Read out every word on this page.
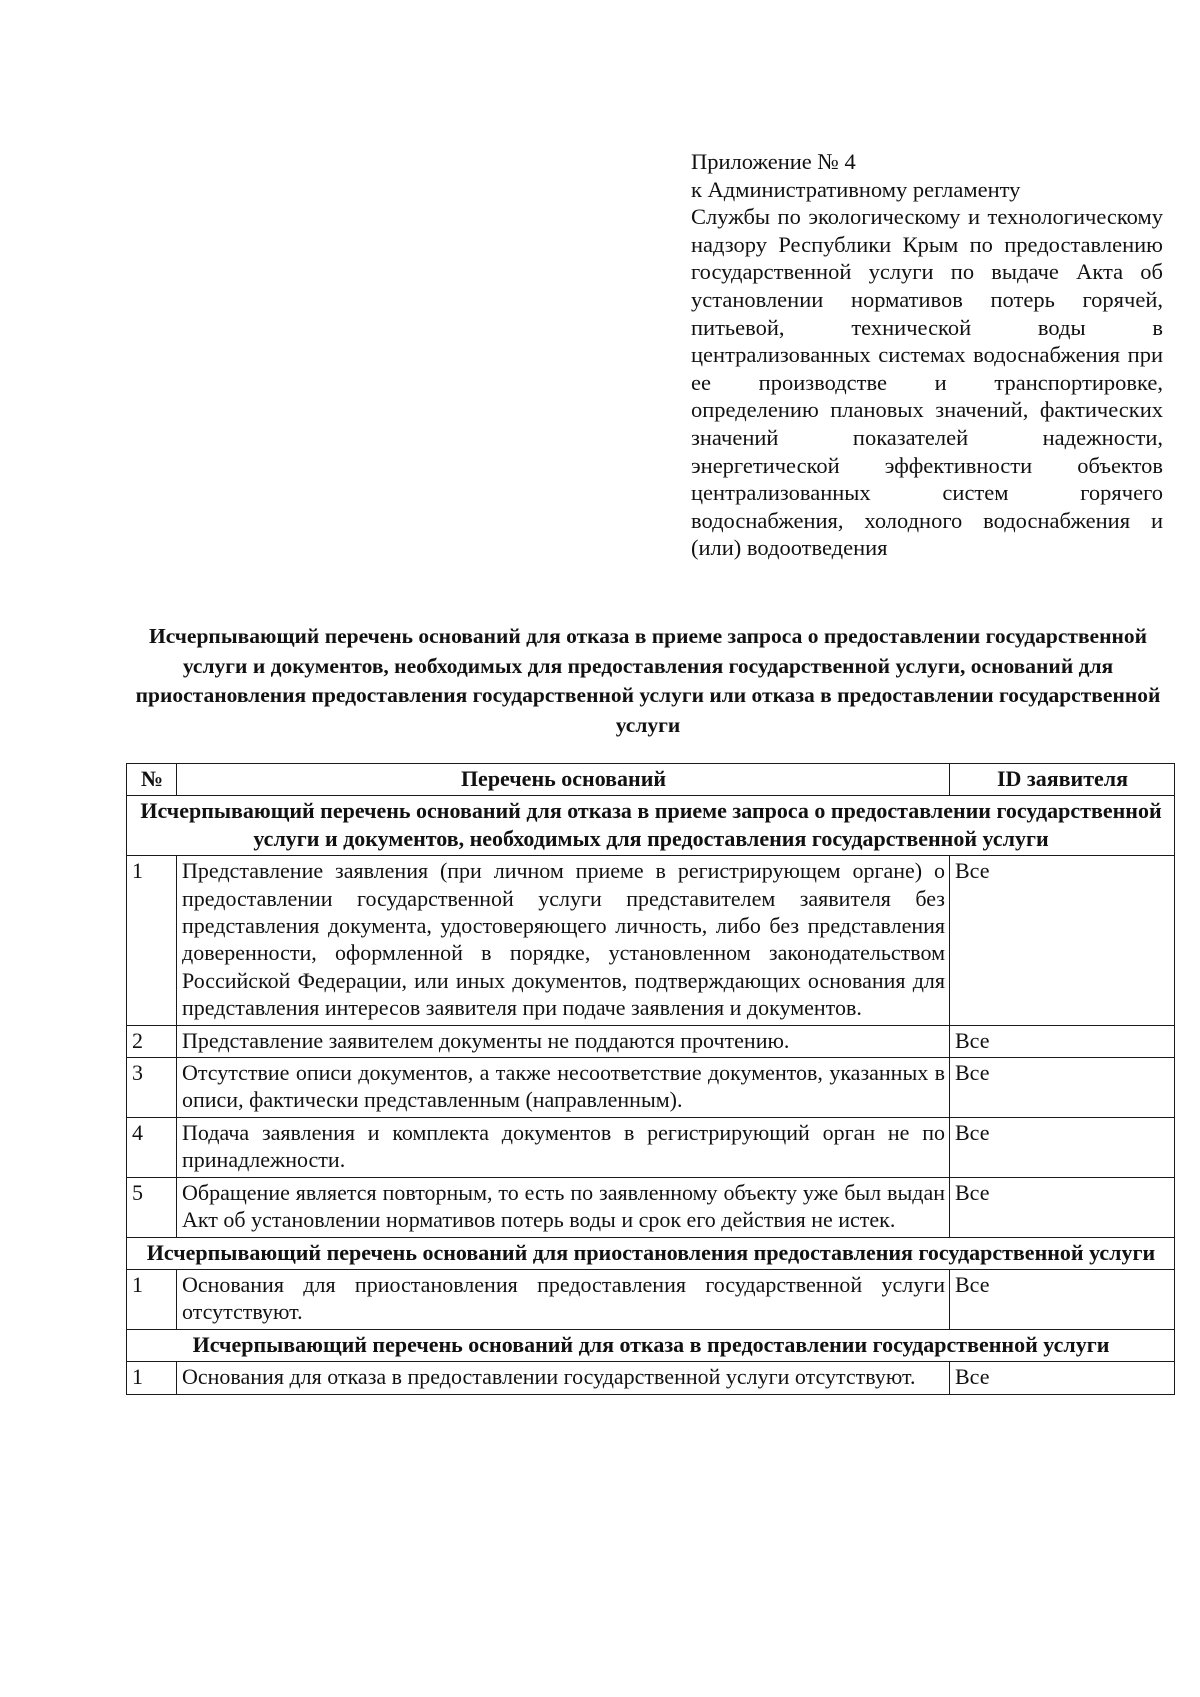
Приложение № 4
к Административному регламенту
Службы по экологическому и технологическому надзору Республики Крым по предоставлению государственной услуги по выдаче Акта об установлении нормативов потерь горячей, питьевой, технической воды в централизованных системах водоснабжения при ее производстве и транспортировке, определению плановых значений, фактических значений показателей надежности, энергетической эффективности объектов централизованных систем горячего водоснабжения, холодного водоснабжения и (или) водоотведения
Исчерпывающий перечень оснований для отказа в приеме запроса о предоставлении государственной услуги и документов, необходимых для предоставления государственной услуги, оснований для приостановления предоставления государственной услуги или отказа в предоставлении государственной услуги
№	Перечень оснований	ID заявителя
Исчерпывающий перечень оснований для отказа в приеме запроса о предоставлении государственной услуги и документов, необходимых для предоставления государственной услуги		
1	Представление заявления (при личном приеме в регистрирующем органе) о предоставлении государственной услуги представителем заявителя без представления документа, удостоверяющего личность, либо без представления доверенности, оформленной в порядке, установленном законодательством Российской Федерации, или иных документов, подтверждающих основания для представления интересов заявителя при подаче заявления и документов.	Все
2	Представление заявителем документы не поддаются прочтению.	Все
3	Отсутствие описи документов, а также несоответствие документов, указанных в описи, фактически представленным (направленным).	Все
4	Подача заявления и комплекта документов в регистрирующий орган не по принадлежности.	Все
5	Обращение является повторным, то есть по заявленному объекту уже был выдан Акт об установлении нормативов потерь воды и срок его действия не истек.	Все
Исчерпывающий перечень оснований для приостановления предоставления государственной услуги		
1	Основания для приостановления предоставления государственной услуги отсутствуют.	Все
Исчерпывающий перечень оснований для отказа в предоставлении государственной услуги		
1	Основания для отказа в предоставлении государственной услуги отсутствуют.	Все
